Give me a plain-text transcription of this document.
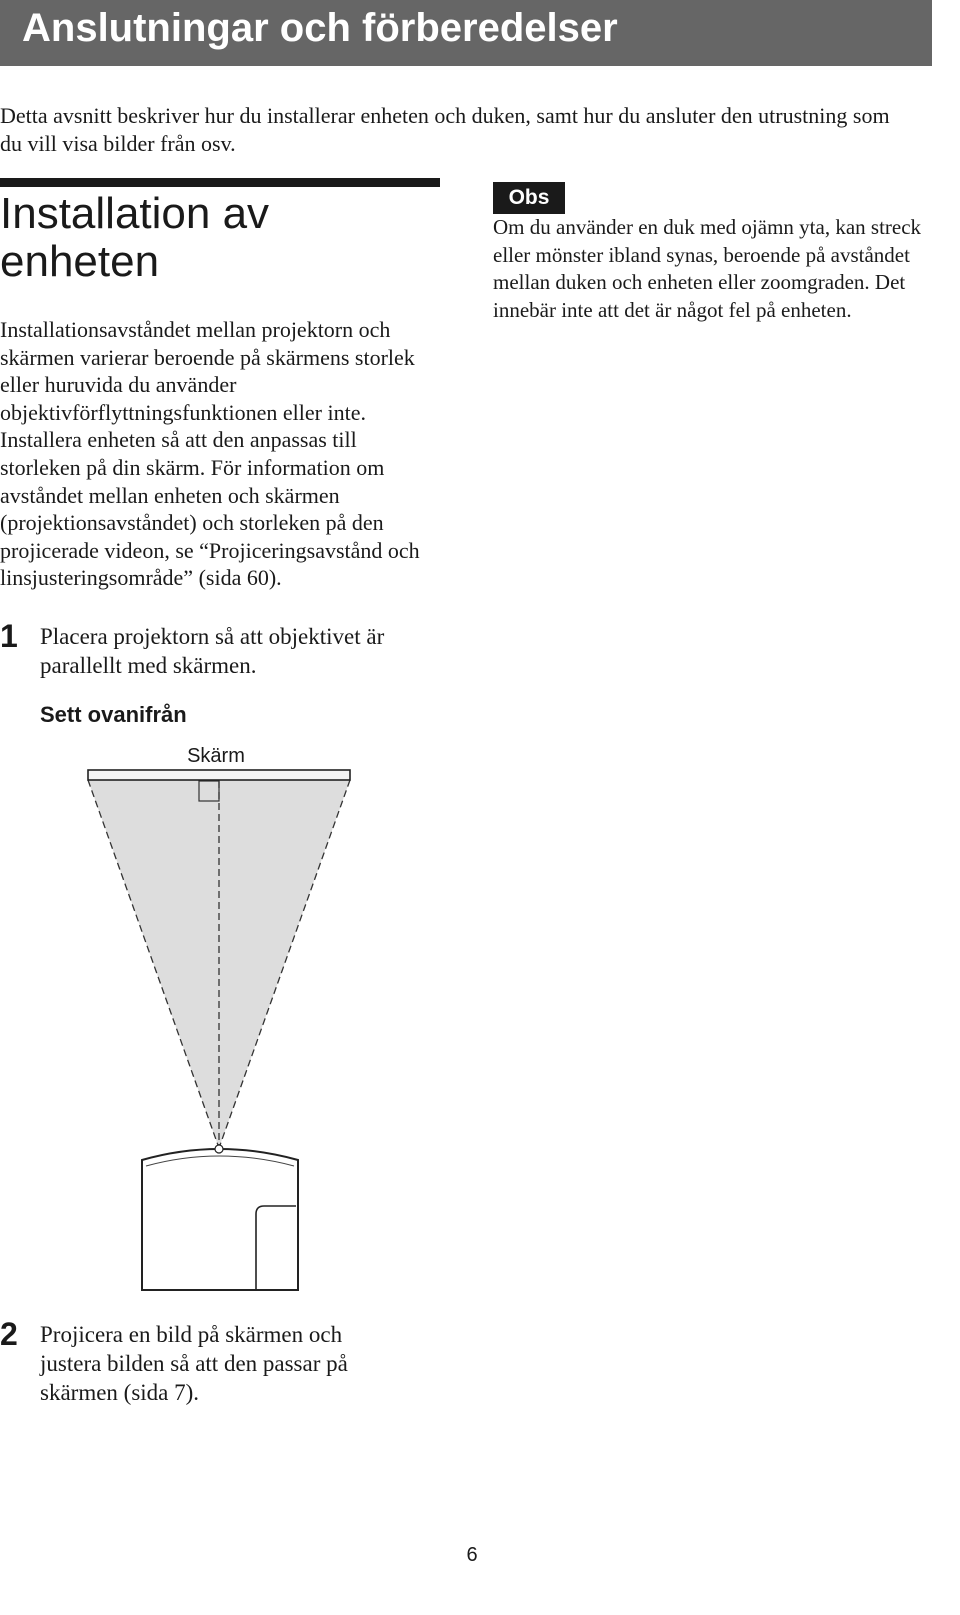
Anslutningar och förberedelser
Detta avsnitt beskriver hur du installerar enheten och duken, samt hur du ansluter den utrustning som du vill visa bilder från osv.
Installation av enheten
Installationsavståndet mellan projektorn och skärmen varierar beroende på skärmens storlek eller huruvida du använder objektivförflyttningsfunktionen eller inte. Installera enheten så att den anpassas till storleken på din skärm. För information om avståndet mellan enheten och skärmen (projektionsavståndet) och storleken på den projicerade videon, se “Projiceringsavstånd och linsjusteringsområde” (sida 60).
1 Placera projektorn så att objektivet är parallellt med skärmen.
Sett ovanifrån
Skärm
2 Projicera en bild på skärmen och justera bilden så att den passar på skärmen (sida 7).
Obs
Om du använder en duk med ojämn yta, kan streck eller mönster ibland synas, beroende på avståndet mellan duken och enheten eller zoomgraden. Det innebär inte att det är något fel på enheten.
6
